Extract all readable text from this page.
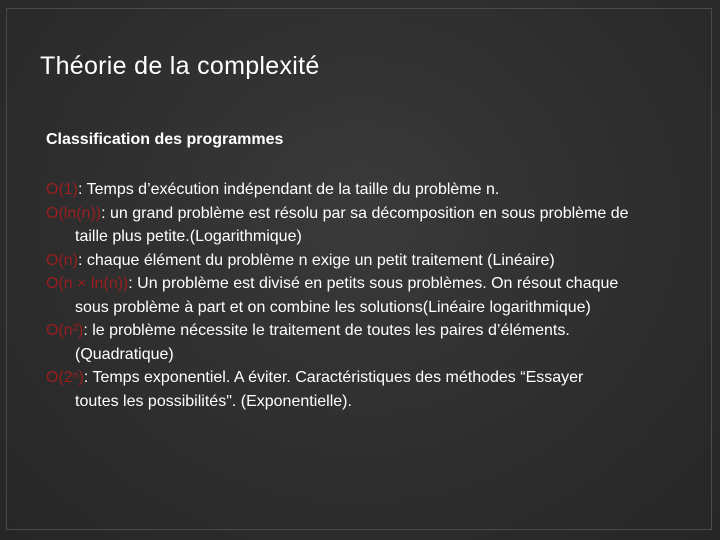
Théorie de la complexité
Classification des programmes
O(1): Temps d’exécution indépendant de la taille du problème n.
O(ln(n)): un grand problème est résolu par sa décomposition en sous problème de taille plus petite.(Logarithmique)
O(n): chaque élément du problème n exige un petit traitement (Linéaire)
O(n × ln(n)): Un problème est divisé en petits sous problèmes. On résout chaque sous problème à part et on combine les solutions(Linéaire logarithmique)
O(n²): le problème nécessite le traitement de toutes les paires d’éléments.(Quadratique)
O(2ⁿ): Temps exponentiel. A éviter. Caractéristiques des méthodes “Essayer toutes les possibilités". (Exponentielle).
